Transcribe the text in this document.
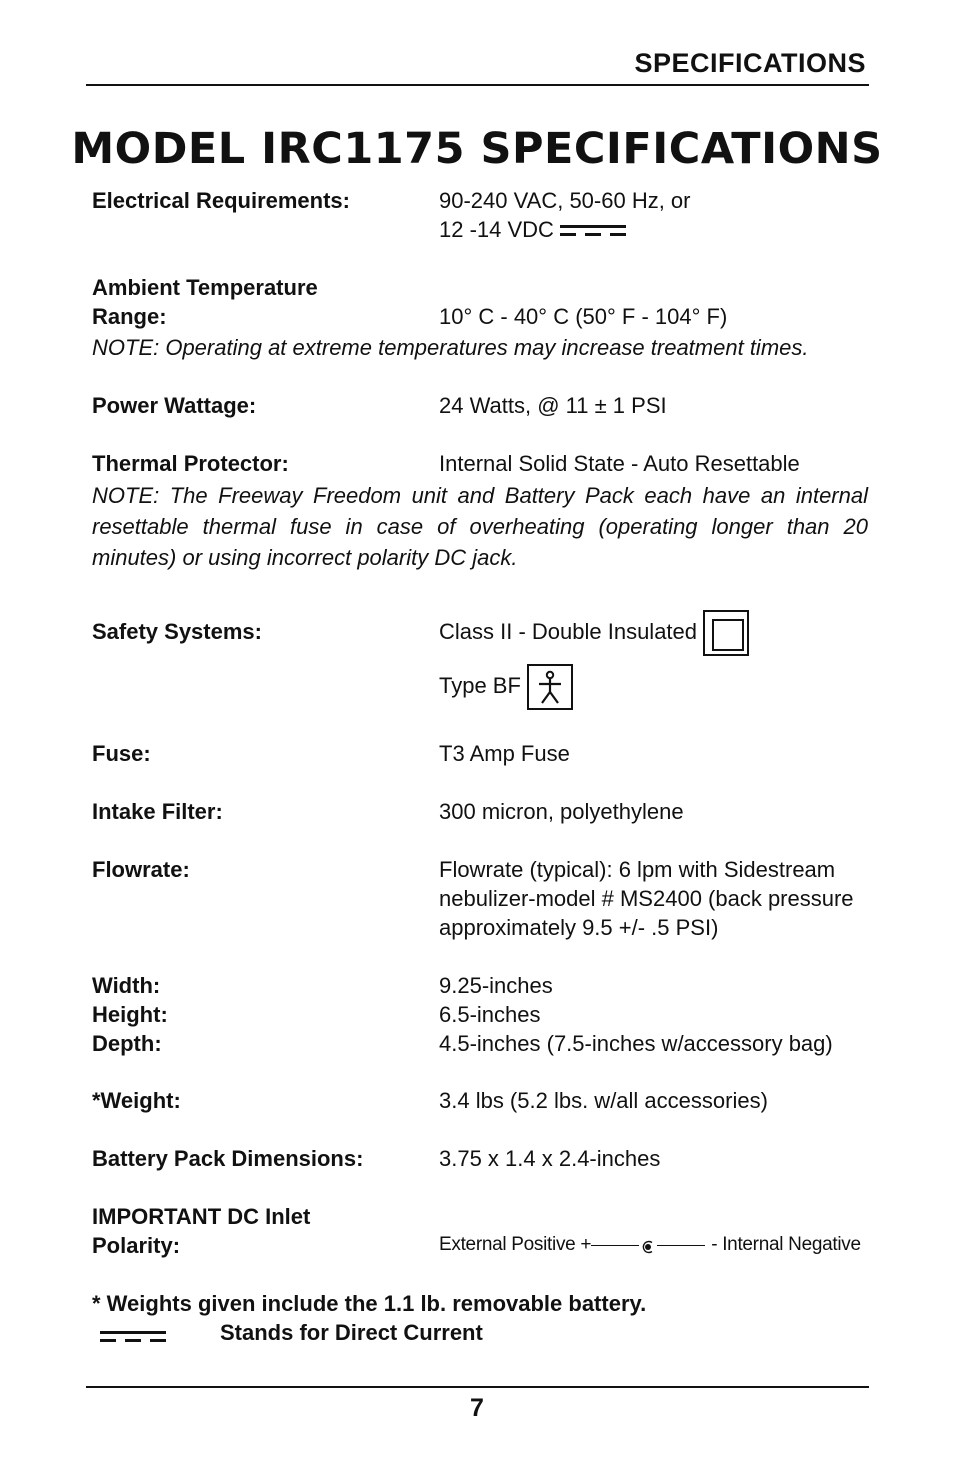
SPECIFICATIONS
MODEL IRC1175 SPECIFICATIONS
Electrical Requirements:	90-240 VAC, 50-60 Hz, or
12 -14 VDC
Ambient Temperature
Range:	10° C - 40° C (50° F - 104° F)
NOTE: Operating at extreme temperatures may increase treatment times.
Power Wattage:	24 Watts, @ 11 ± 1 PSI
Thermal Protector:	Internal Solid State - Auto Resettable
NOTE: The Freeway Freedom unit and Battery Pack each have an internal resettable thermal fuse in case of overheating (operating longer than 20 minutes) or using incorrect polarity DC jack.
Safety Systems:	Class II - Double Insulated
Type BF
Fuse:	T3 Amp Fuse
Intake Filter:	300 micron, polyethylene
Flowrate:	Flowrate (typical): 6 lpm with Sidestream
nebulizer-model # MS2400 (back pressure
approximately 9.5 +/- .5 PSI)
Width:	9.25-inches
Height:	6.5-inches
Depth:	4.5-inches (7.5-inches w/accessory bag)
*Weight:	3.4 lbs (5.2 lbs. w/all accessories)
Battery Pack Dimensions:	3.75 x 1.4 x 2.4-inches
IMPORTANT DC Inlet
Polarity:	External Positive +	- Internal Negative
* Weights given include the 1.1 lb. removable battery.
Stands for Direct Current
7
